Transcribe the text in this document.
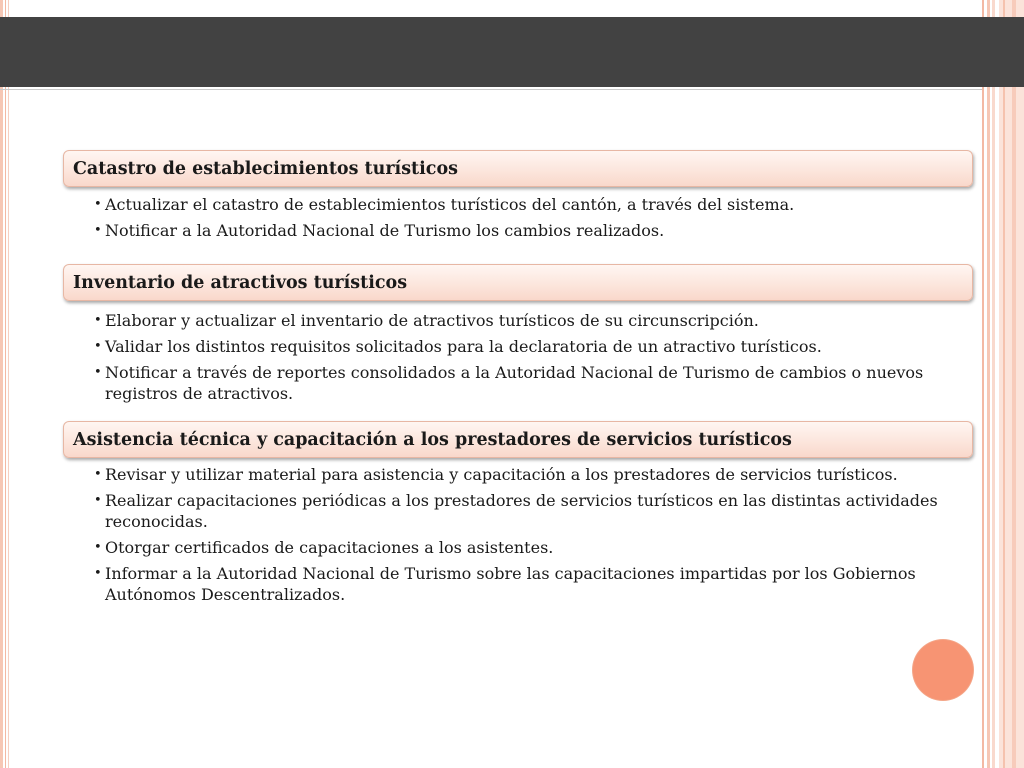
Catastro de establecimientos turísticos
• Actualizar el catastro de establecimientos turísticos del cantón, a través del sistema.
• Notificar a la Autoridad Nacional de Turismo los cambios realizados.
Inventario de atractivos turísticos
• Elaborar y actualizar el inventario de atractivos turísticos de su circunscripción.
• Validar los distintos requisitos solicitados para la declaratoria de un atractivo turísticos.
• Notificar a través de reportes consolidados a la Autoridad Nacional de Turismo de cambios o nuevos registros de atractivos.
Asistencia técnica y capacitación a los prestadores de servicios turísticos
• Revisar y utilizar material para asistencia y capacitación a los prestadores de servicios turísticos.
• Realizar capacitaciones periódicas a los prestadores de servicios turísticos en las distintas actividades reconocidas.
• Otorgar certificados de capacitaciones a los asistentes.
• Informar a la Autoridad Nacional de Turismo sobre las capacitaciones impartidas por los Gobiernos Autónomos Descentralizados.
